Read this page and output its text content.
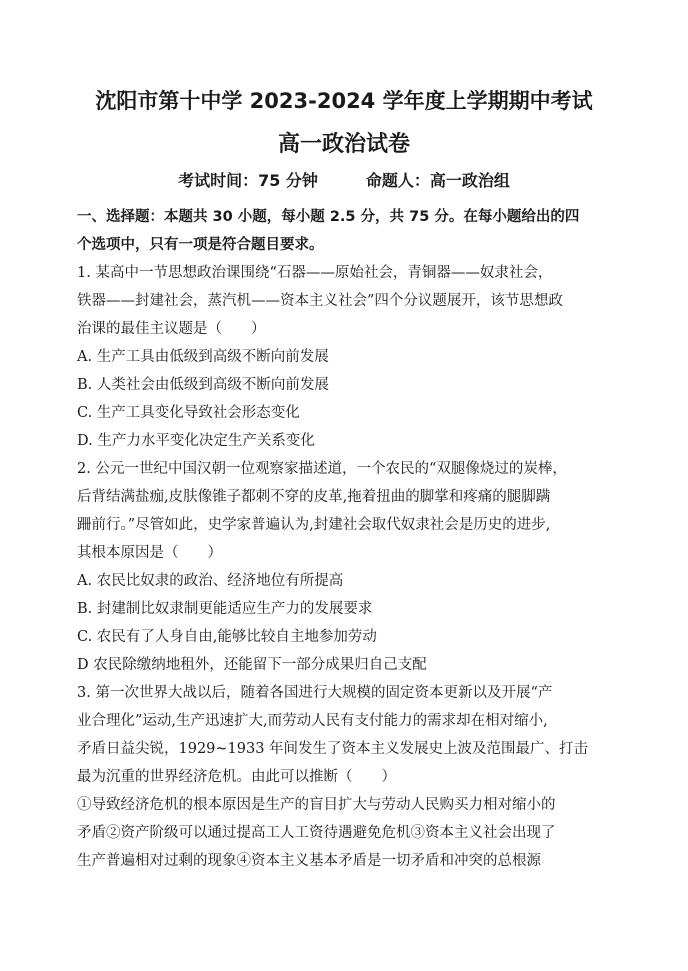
沈阳市第十中学 2023-2024 学年度上学期期中考试
高一政治试卷
考试时间：75 分钟	命题人：高一政治组
一、选择题：本题共 30 小题，每小题 2.5 分，共 75 分。在每小题给出的四
个选项中，只有一项是符合题目要求。
1. 某高中一节思想政治课围绕“石器——原始社会，青铜器——奴隶社会，
铁器——封建社会，蒸汽机——资本主义社会”四个分议题展开，该节思想政
治课的最佳主议题是（　　）
A. 生产工具由低级到高级不断向前发展
B. 人类社会由低级到高级不断向前发展
C. 生产工具变化导致社会形态变化
D. 生产力水平变化决定生产关系变化
2. 公元一世纪中国汉朝一位观察家描述道，一个农民的“双腿像烧过的炭棒，
后背结满盐痂,皮肤像锥子都刺不穿的皮革,拖着扭曲的脚掌和疼痛的腿脚蹒
跚前行。”尽管如此，史学家普遍认为,封建社会取代奴隶社会是历史的进步,
其根本原因是（　　）
A. 农民比奴隶的政治、经济地位有所提高
B. 封建制比奴隶制更能适应生产力的发展要求
C. 农民有了人身自由,能够比较自主地参加劳动
D 农民除缴纳地租外，还能留下一部分成果归自己支配
3. 第一次世界大战以后，随着各国进行大规模的固定资本更新以及开展“产
业合理化”运动,生产迅速扩大,而劳动人民有支付能力的需求却在相对缩小,
矛盾日益尖锐，1929~1933 年间发生了资本主义发展史上波及范围最广、打击
最为沉重的世界经济危机。由此可以推断（　　）
①导致经济危机的根本原因是生产的盲目扩大与劳动人民购买力相对缩小的
矛盾②资产阶级可以通过提高工人工资待遇避免危机③资本主义社会出现了
生产普遍相对过剩的现象④资本主义基本矛盾是一切矛盾和冲突的总根源
